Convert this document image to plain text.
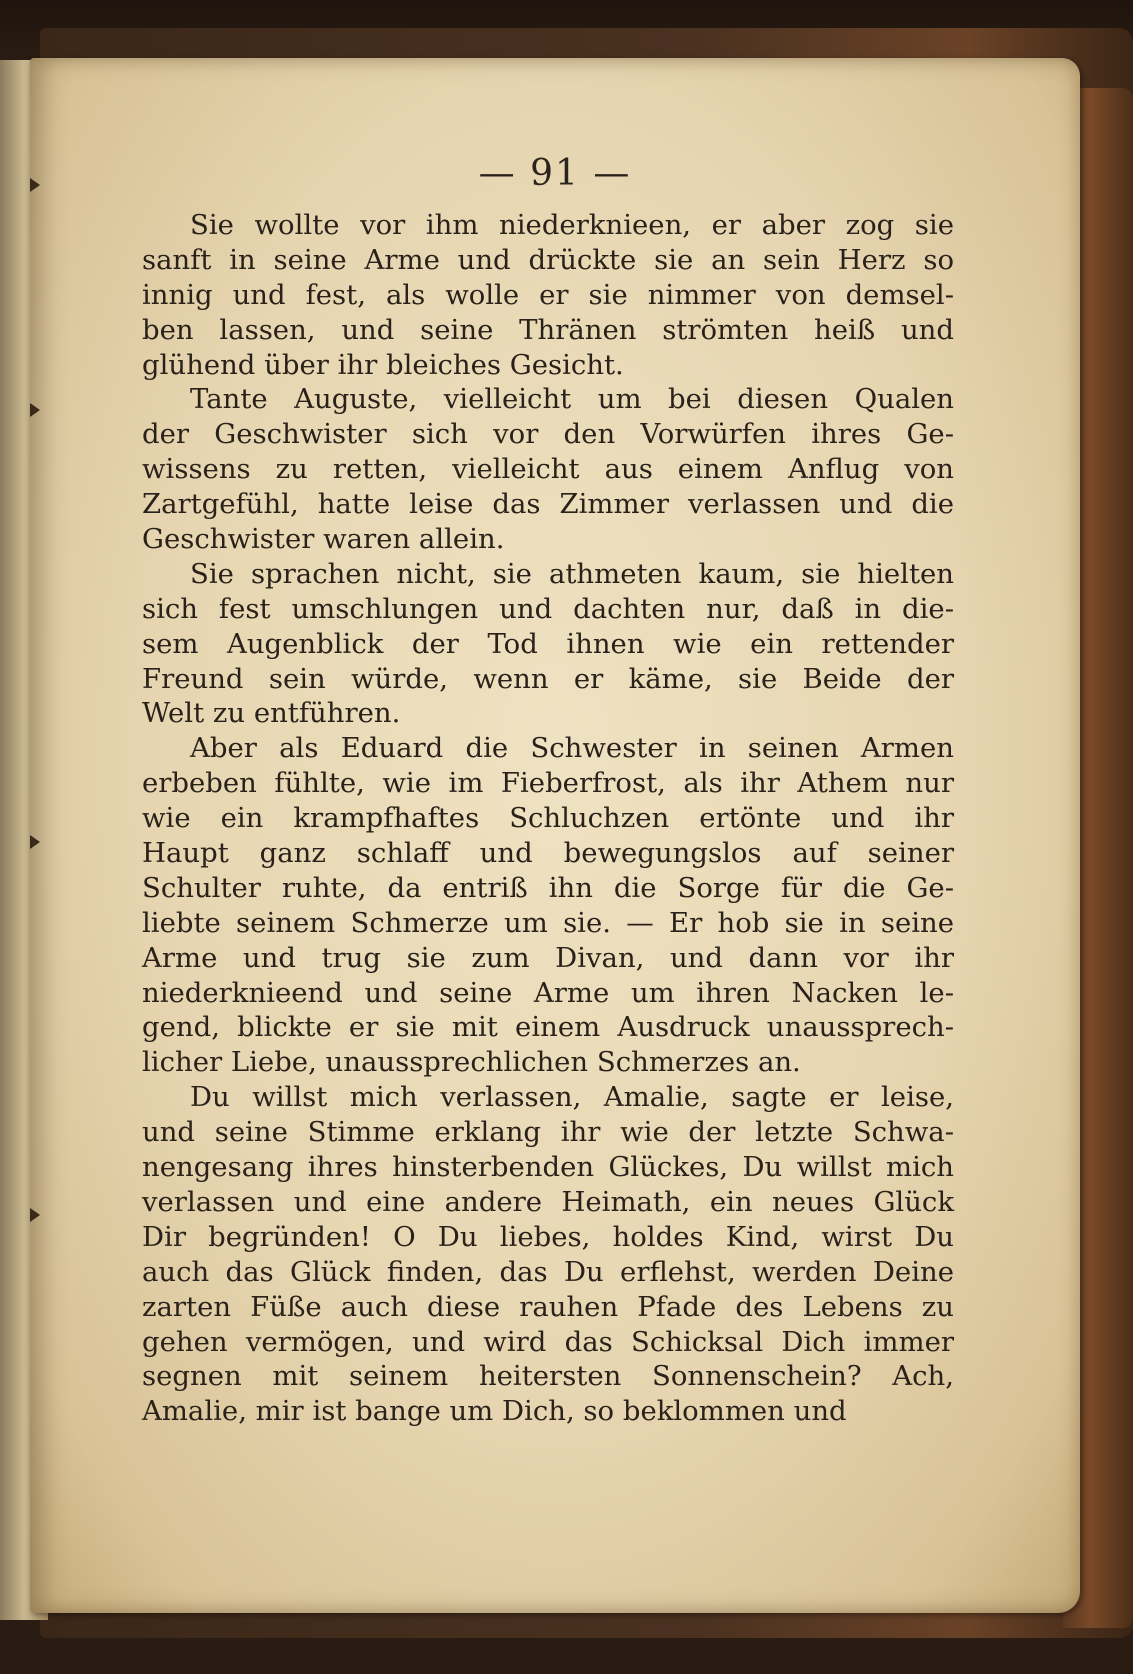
— 91 —
Sie wollte vor ihm niederknieen, er aber zog sie
sanft in seine Arme und drückte sie an sein Herz so
innig und fest, als wolle er sie nimmer von demsel-
ben lassen, und seine Thränen strömten heiß und
glühend über ihr bleiches Gesicht.
Tante Auguste, vielleicht um bei diesen Qualen
der Geschwister sich vor den Vorwürfen ihres Ge-
wissens zu retten, vielleicht aus einem Anflug von
Zartgefühl, hatte leise das Zimmer verlassen und die
Geschwister waren allein.
Sie sprachen nicht, sie athmeten kaum, sie hielten
sich fest umschlungen und dachten nur, daß in die-
sem Augenblick der Tod ihnen wie ein rettender
Freund sein würde, wenn er käme, sie Beide der
Welt zu entführen.
Aber als Eduard die Schwester in seinen Armen
erbeben fühlte, wie im Fieberfrost, als ihr Athem nur
wie ein krampfhaftes Schluchzen ertönte und ihr
Haupt ganz schlaff und bewegungslos auf seiner
Schulter ruhte, da entriß ihn die Sorge für die Ge-
liebte seinem Schmerze um sie. — Er hob sie in seine
Arme und trug sie zum Divan, und dann vor ihr
niederknieend und seine Arme um ihren Nacken le-
gend, blickte er sie mit einem Ausdruck unaussprech-
licher Liebe, unaussprechlichen Schmerzes an.
Du willst mich verlassen, Amalie, sagte er leise,
und seine Stimme erklang ihr wie der letzte Schwa-
nengesang ihres hinsterbenden Glückes, Du willst mich
verlassen und eine andere Heimath, ein neues Glück
Dir begründen! O Du liebes, holdes Kind, wirst Du
auch das Glück finden, das Du erflehst, werden Deine
zarten Füße auch diese rauhen Pfade des Lebens zu
gehen vermögen, und wird das Schicksal Dich immer
segnen mit seinem heitersten Sonnenschein? Ach,
Amalie, mir ist bange um Dich, so beklommen und
